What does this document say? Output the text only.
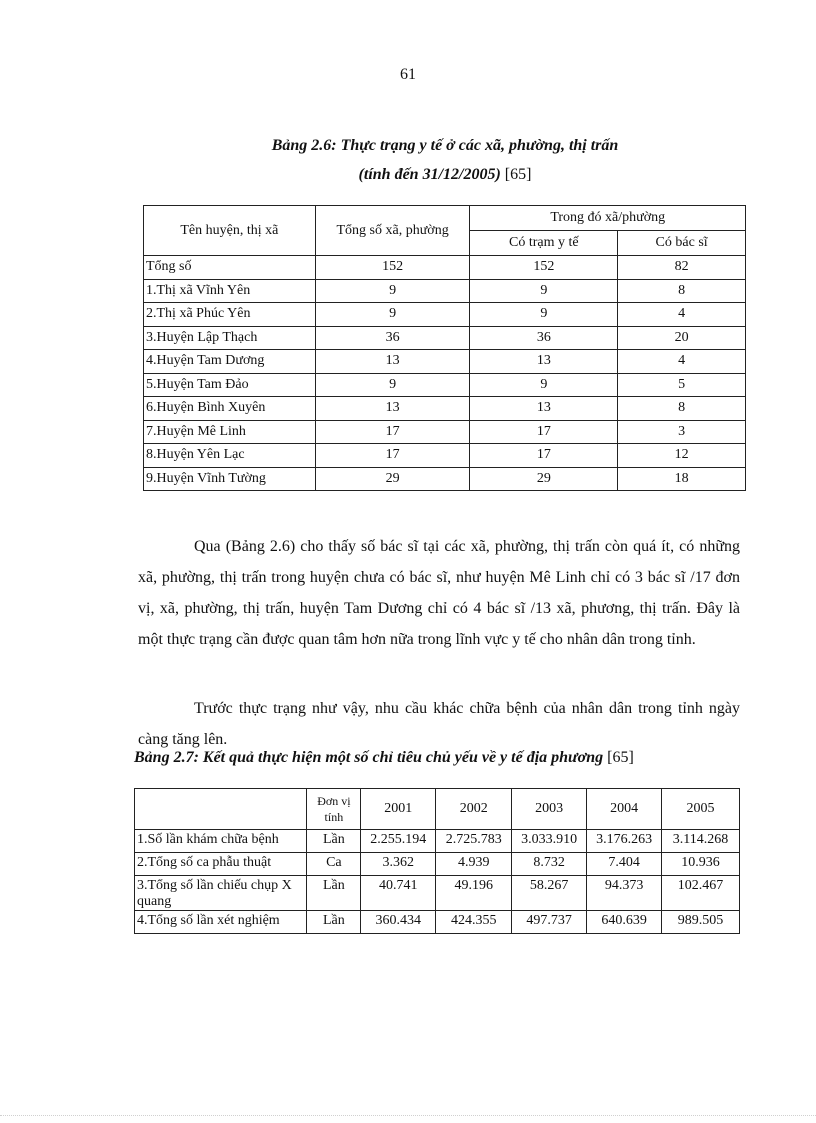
61
Bảng 2.6: Thực trạng y tế ở các xã, phường, thị trấn
(tính đến 31/12/2005) [65]
Tên huyện, thị xã	Tổng số xã, phường	Trong đó xã/phường	
		Có trạm y tế	Có bác sĩ
Tổng số	152	152	82
1.Thị xã Vĩnh Yên	9	9	8
2.Thị xã Phúc Yên	9	9	4
3.Huyện Lập Thạch	36	36	20
4.Huyện Tam Dương	13	13	4
5.Huyện Tam Đảo	9	9	5
6.Huyện Bình Xuyên	13	13	8
7.Huyện Mê Linh	17	17	3
8.Huyện Yên Lạc	17	17	12
9.Huyện Vĩnh Tường	29	29	18

Qua (Bảng 2.6) cho thấy số bác sĩ tại các xã, phường, thị trấn còn quá ít, có những xã, phường, thị trấn trong huyện chưa có bác sĩ, như huyện Mê Linh chỉ có 3 bác sĩ /17 đơn vị, xã, phường, thị trấn, huyện Tam Dương chỉ có 4 bác sĩ /13 xã, phương, thị trấn. Đây là một thực trạng cần được quan tâm hơn nữa trong lĩnh vực y tế cho nhân dân trong tỉnh.

Trước thực trạng như vậy, nhu cầu khác chữa bệnh của nhân dân trong tỉnh ngày càng tăng lên.

Bảng 2.7: Kết quả thực hiện một số chỉ tiêu chủ yếu về y tế địa phương [65]
	Đơn vị tính	2001	2002	2003	2004	2005
1.Số lần khám chữa bệnh	Lần	2.255.194	2.725.783	3.033.910	3.176.263	3.114.268
2.Tổng số ca phẫu thuật	Ca	3.362	4.939	8.732	7.404	10.936
3.Tổng số lần chiếu chụp X quang	Lần	40.741	49.196	58.267	94.373	102.467
4.Tổng số lần xét nghiệm	Lần	360.434	424.355	497.737	640.639	989.505
